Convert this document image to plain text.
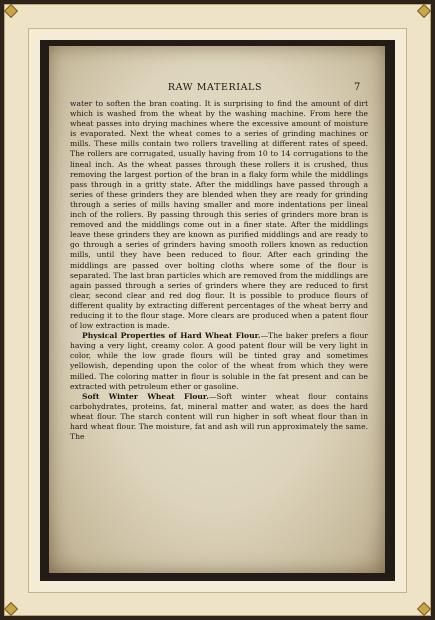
RAW MATERIALS	7

water to soften the bran coating. It is surprising to find the amount of dirt which is washed from the wheat by the washing machine. From here the wheat passes into drying machines where the excessive amount of moisture is evaporated. Next the wheat comes to a series of grinding machines or mills. These mills contain two rollers travelling at different rates of speed. The rollers are corrugated, usually having from 10 to 14 corrugations to the lineal inch. As the wheat passes through these rollers it is crushed, thus removing the largest portion of the bran in a flaky form while the middlings pass through in a gritty state. After the middlings have passed through a series of these grinders they are blended when they are ready for grinding through a series of mills having smaller and more indentations per lineal inch of the rollers. By passing through this series of grinders more bran is removed and the middlings come out in a finer state. After the middlings leave these grinders they are known as purified middlings and are ready to go through a series of grinders having smooth rollers known as reduction mills, until they have been reduced to flour. After each grinding the middlings are passed over bolting cloths where some of the flour is separated. The last bran particles which are removed from the middlings are again passed through a series of grinders where they are reduced to first clear, second clear and red dog flour. It is possible to produce flours of different quality by extracting different percentages of the wheat berry and reducing it to the flour stage. More clears are produced when a patent flour of low extraction is made.

Physical Properties of Hard Wheat Flour.—The baker prefers a flour having a very light, creamy color. A good patent flour will be very light in color, while the low grade flours will be tinted gray and sometimes yellowish, depending upon the color of the wheat from which they were milled. The coloring matter in flour is soluble in the fat present and can be extracted with petroleum ether or gasoline.

Soft Winter Wheat Flour.—Soft winter wheat flour contains carbohydrates, proteins, fat, mineral matter and water, as does the hard wheat flour. The starch content will run higher in soft wheat flour than in hard wheat flour. The moisture, fat and ash will run approximately the same. The
